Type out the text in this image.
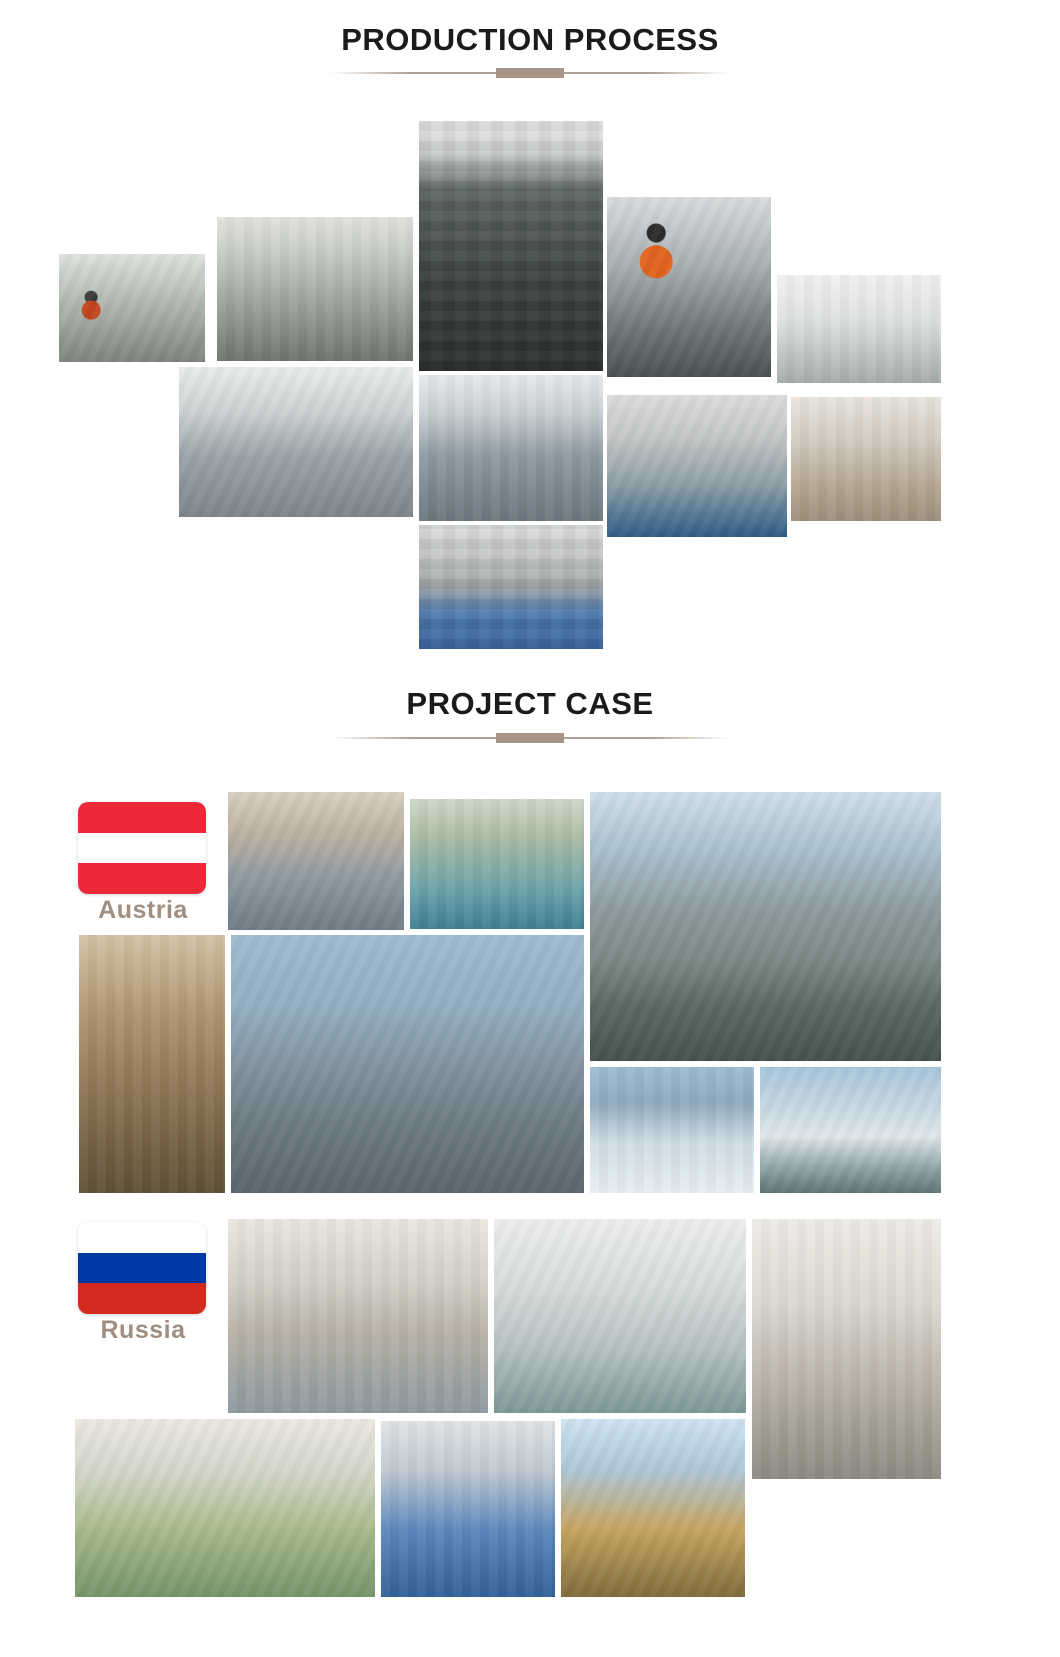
PRODUCTION PROCESS
PROJECT CASE
Austria
Russia
